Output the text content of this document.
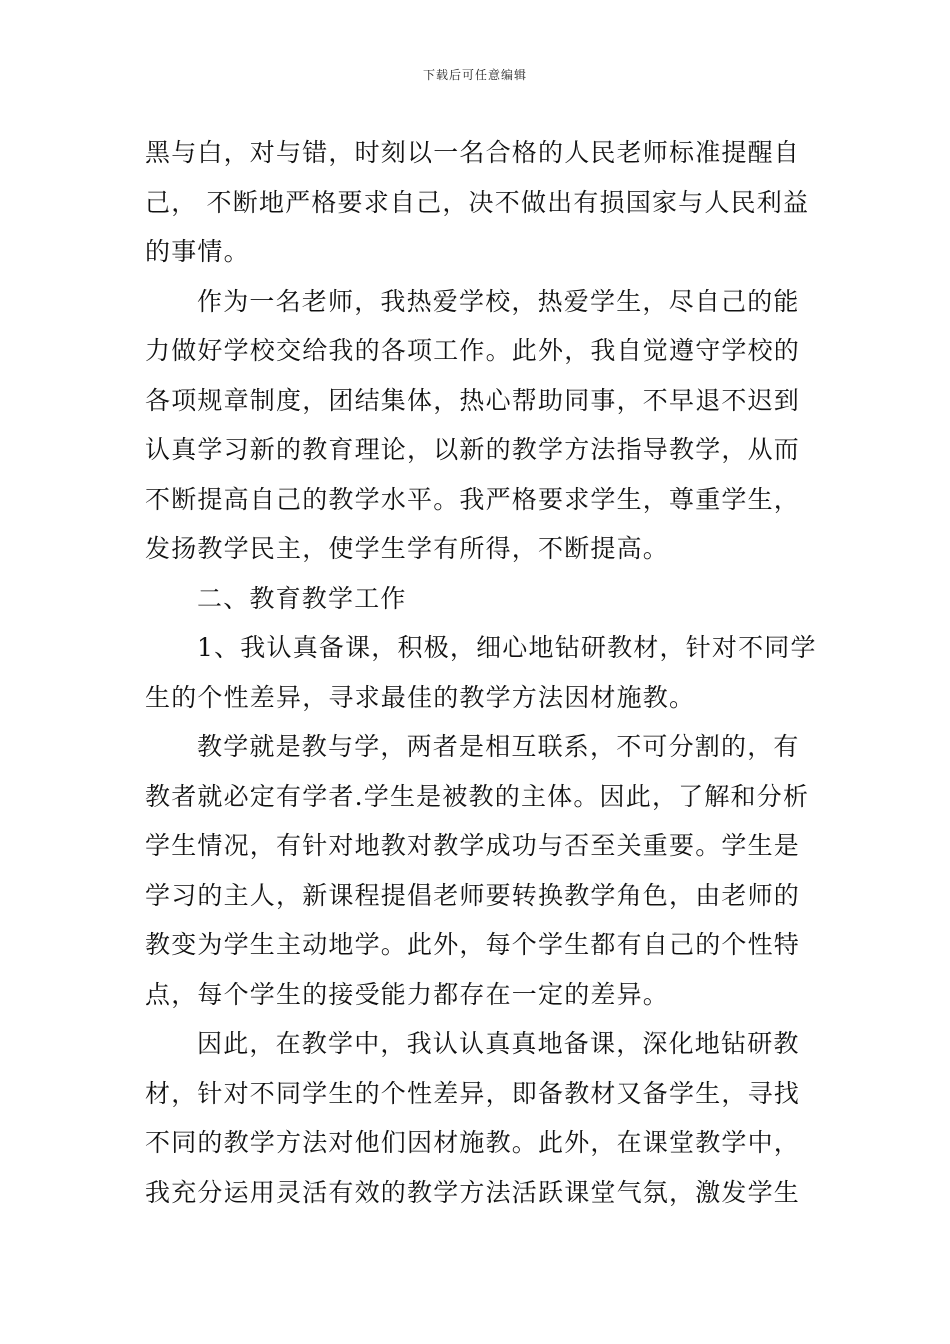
下载后可任意编辑
黑与白，对与错，时刻以一名合格的人民老师标准提醒自
己， 不断地严格要求自己，决不做出有损国家与人民利益
的事情。
作为一名老师，我热爱学校，热爱学生，尽自己的能
力做好学校交给我的各项工作。此外，我自觉遵守学校的
各项规章制度，团结集体，热心帮助同事，不早退不迟到
认真学习新的教育理论，以新的教学方法指导教学，从而
不断提高自己的教学水平。我严格要求学生，尊重学生，
发扬教学民主，使学生学有所得，不断提高。
二、教育教学工作
1、我认真备课，积极，细心地钻研教材，针对不同学
生的个性差异，寻求最佳的教学方法因材施教。
教学就是教与学，两者是相互联系，不可分割的，有
教者就必定有学者.学生是被教的主体。因此，了解和分析
学生情况，有针对地教对教学成功与否至关重要。学生是
学习的主人，新课程提倡老师要转换教学角色，由老师的
教变为学生主动地学。此外，每个学生都有自己的个性特
点，每个学生的接受能力都存在一定的差异。
因此，在教学中，我认认真真地备课，深化地钻研教
材，针对不同学生的个性差异，即备教材又备学生，寻找
不同的教学方法对他们因材施教。此外，在课堂教学中，
我充分运用灵活有效的教学方法活跃课堂气氛，激发学生
